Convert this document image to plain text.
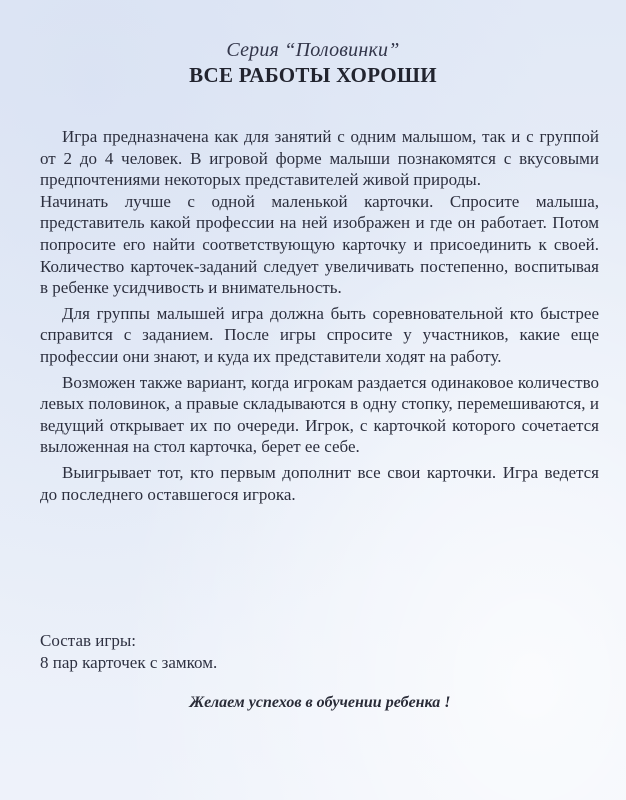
Серия “Половинки”
ВСЕ РАБОТЫ ХОРОШИ

Игра предназначена как для занятий с одним малышом, так и с группой от 2 до 4 человек. В игровой форме малыши познакомятся с вкусовыми предпочтениями некоторых представителей живой природы.

Начинать лучше с одной маленькой карточки. Спросите малыша, представитель какой профессии на ней изображен и где он работает. Потом попросите его найти соответствующую карточку и присоединить к своей. Количество карточек-заданий следует увеличивать постепенно, воспитывая в ребенке усидчивость и внимательность.

Для группы малышей игра должна быть соревновательной кто быстрее справится с заданием. После игры спросите у участников, какие еще профессии они знают, и куда их представители ходят на работу.

Возможен также вариант, когда игрокам раздается одинаковое количество левых половинок, а правые складываются в одну стопку, перемешиваются, и ведущий открывает их по очереди. Игрок, с карточкой которого сочетается выложенная на стол карточка, берет ее себе.

Выигрывает тот, кто первым дополнит все свои карточки. Игра ведется до последнего оставшегося игрока.

Состав игры:
8 пар карточек с замком.
Желаем успехов в обучении ребенка !
